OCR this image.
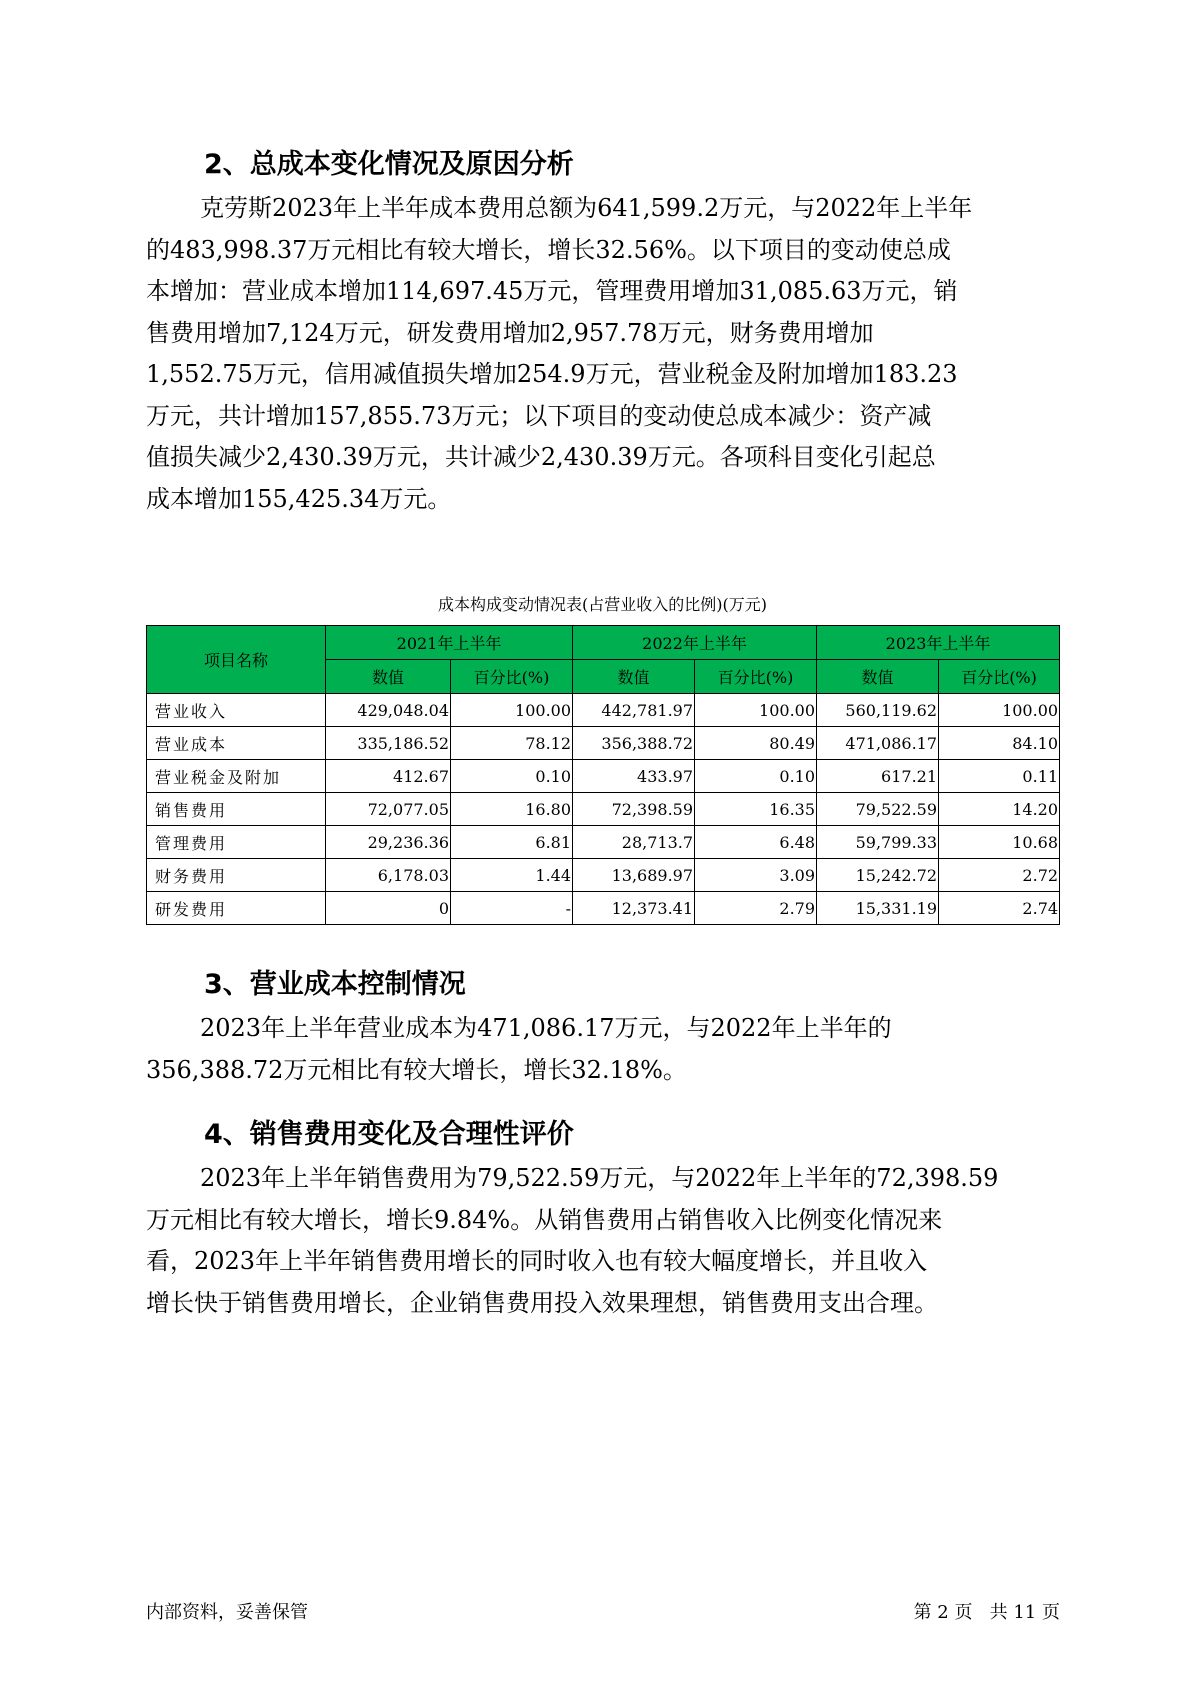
2、总成本变化情况及原因分析
克劳斯2023年上半年成本费用总额为641,599.2万元，与2022年上半年
的483,998.37万元相比有较大增长，增长32.56%。以下项目的变动使总成
本增加：营业成本增加114,697.45万元，管理费用增加31,085.63万元，销
售费用增加7,124万元，研发费用增加2,957.78万元，财务费用增加
1,552.75万元，信用减值损失增加254.9万元，营业税金及附加增加183.23
万元，共计增加157,855.73万元；以下项目的变动使总成本减少：资产减
值损失减少2,430.39万元，共计减少2,430.39万元。各项科目变化引起总
成本增加155,425.34万元。
成本构成变动情况表(占营业收入的比例)(万元)
项目名称	2021年上半年		2022年上半年		2023年上半年	
	数值	百分比(%)	数值	百分比(%)	数值	百分比(%)
营业收入	429,048.04	100.00	442,781.97	100.00	560,119.62	100.00
营业成本	335,186.52	78.12	356,388.72	80.49	471,086.17	84.10
营业税金及附加	412.67	0.10	433.97	0.10	617.21	0.11
销售费用	72,077.05	16.80	72,398.59	16.35	79,522.59	14.20
管理费用	29,236.36	6.81	28,713.7	6.48	59,799.33	10.68
财务费用	6,178.03	1.44	13,689.97	3.09	15,242.72	2.72
研发费用	0	-	12,373.41	2.79	15,331.19	2.74
3、营业成本控制情况
2023年上半年营业成本为471,086.17万元，与2022年上半年的
356,388.72万元相比有较大增长，增长32.18%。
4、销售费用变化及合理性评价
2023年上半年销售费用为79,522.59万元，与2022年上半年的72,398.59
万元相比有较大增长，增长9.84%。从销售费用占销售收入比例变化情况来
看，2023年上半年销售费用增长的同时收入也有较大幅度增长，并且收入
增长快于销售费用增长，企业销售费用投入效果理想，销售费用支出合理。
内部资料，妥善保管	第 2 页   共 11 页
